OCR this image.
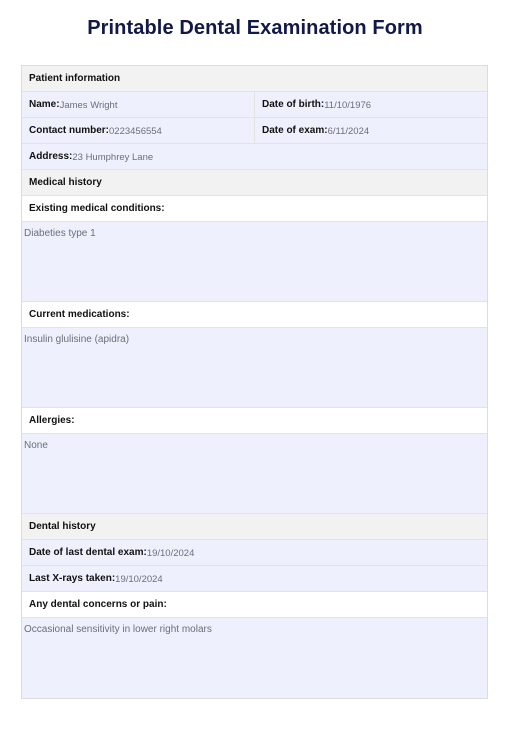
Printable Dental Examination Form
Patient information
Name: James Wright	Date of birth: 11/10/1976
Contact number: 0223456554	Date of exam: 6/11/2024
Address: 23 Humphrey Lane
Medical history
Existing medical conditions:
Diabeties type 1
Current medications:
Insulin glulisine (apidra)
Allergies:
None
Dental history
Date of last dental exam: 19/10/2024
Last X-rays taken: 19/10/2024
Any dental concerns or pain:
Occasional sensitivity in lower right molars
